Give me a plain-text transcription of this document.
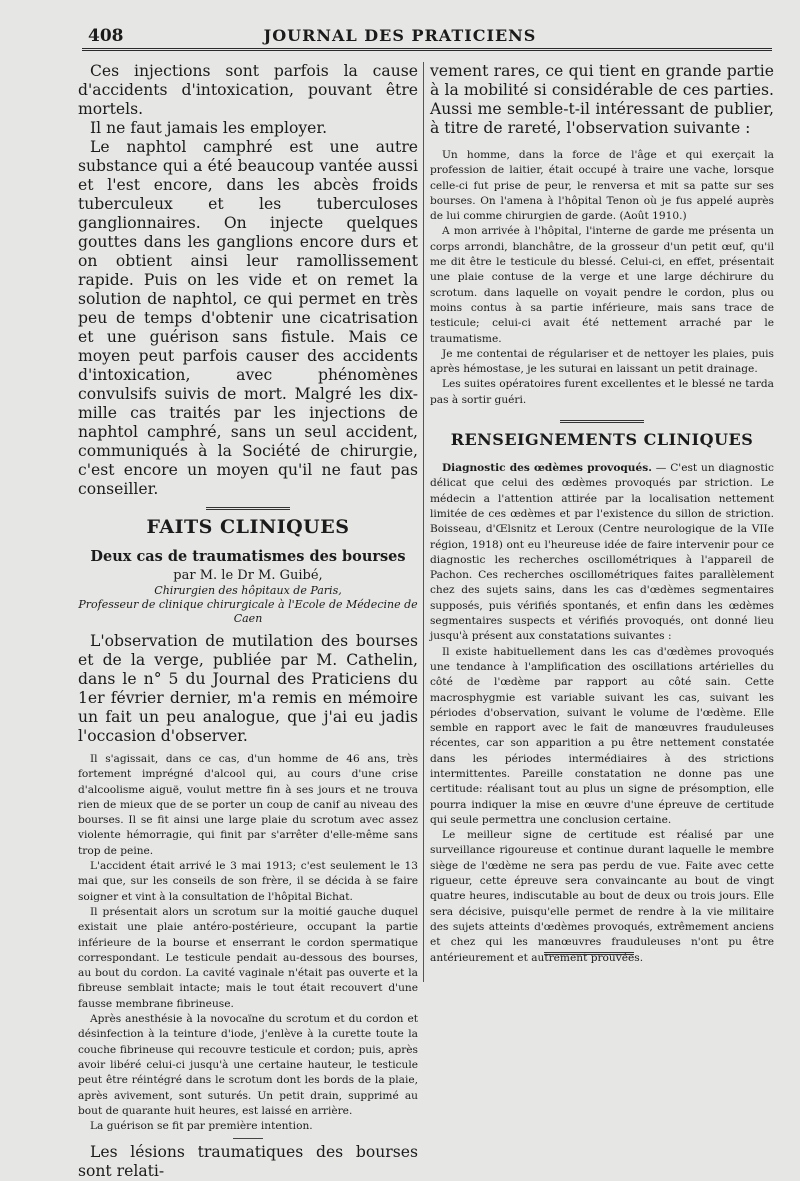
408	JOURNAL DES PRATICIENS

Ces injections sont parfois la cause d'accidents d'intoxication, pouvant être mortels.

Il ne faut jamais les employer.

Le naphtol camphré est une autre substance qui a été beaucoup vantée aussi et l'est encore, dans les abcès froids tuberculeux et les tuberculoses ganglionnaires. On injecte quelques gouttes dans les ganglions encore durs et on obtient ainsi leur ramollissement rapide. Puis on les vide et on remet la solution de naphtol, ce qui permet en très peu de temps d'obtenir une cicatrisation et une guérison sans fistule. Mais ce moyen peut parfois causer des accidents d'intoxication, avec phénomènes convulsifs suivis de mort. Malgré les dix-mille cas traités par les injections de naphtol camphré, sans un seul accident, communiqués à la Société de chirurgie, c'est encore un moyen qu'il ne faut pas conseiller.

FAITS CLINIQUES
Deux cas de traumatismes des bourses
par M. le Dr M. Guibé,
Chirurgien des hôpitaux de Paris,
Professeur de clinique chirurgicale à l'Ecole de Médecine de Caen

L'observation de mutilation des bourses et de la verge, publiée par M. Cathelin, dans le n° 5 du Journal des Praticiens du 1er février dernier, m'a remis en mémoire un fait un peu analogue, que j'ai eu jadis l'occasion d'observer.

Il s'agissait, dans ce cas, d'un homme de 46 ans, très fortement imprégné d'alcool qui, au cours d'une crise d'alcoolisme aiguë, voulut mettre fin à ses jours et ne trouva rien de mieux que de se porter un coup de canif au niveau des bourses. Il se fit ainsi une large plaie du scrotum avec assez violente hémorragie, qui finit par s'arrêter d'elle-même sans trop de peine.

L'accident était arrivé le 3 mai 1913; c'est seulement le 13 mai que, sur les conseils de son frère, il se décida à se faire soigner et vint à la consultation de l'hôpital Bichat.

Il présentait alors un scrotum sur la moitié gauche duquel existait une plaie antéro-postérieure, occupant la partie inférieure de la bourse et enserrant le cordon spermatique correspondant. Le testicule pendait au-dessous des bourses, au bout du cordon. La cavité vaginale n'était pas ouverte et la fibreuse semblait intacte; mais le tout était recouvert d'une fausse membrane fibrineuse.

Après anesthésie à la novocaïne du scrotum et du cordon et désinfection à la teinture d'iode, j'enlève à la curette toute la couche fibrineuse qui recouvre testicule et cordon; puis, après avoir libéré celui-ci jusqu'à une certaine hauteur, le testicule peut être réintégré dans le scrotum dont les bords de la plaie, après avivement, sont suturés. Un petit drain, supprimé au bout de quarante huit heures, est laissé en arrière.

La guérison se fit par première intention.

Les lésions traumatiques des bourses sont relati-

vement rares, ce qui tient en grande partie à la mobilité si considérable de ces parties. Aussi me semble-t-il intéressant de publier, à titre de rareté, l'observation suivante :

Un homme, dans la force de l'âge et qui exerçait la profession de laitier, était occupé à traire une vache, lorsque celle-ci fut prise de peur, le renversa et mit sa patte sur ses bourses. On l'amena à l'hôpital Tenon où je fus appelé auprès de lui comme chirurgien de garde. (Août 1910.)

A mon arrivée à l'hôpital, l'interne de garde me présenta un corps arrondi, blanchâtre, de la grosseur d'un petit œuf, qu'il me dit être le testicule du blessé. Celui-ci, en effet, présentait une plaie contuse de la verge et une large déchirure du scrotum. dans laquelle on voyait pendre le cordon, plus ou moins contus à sa partie inférieure, mais sans trace de testicule; celui-ci avait été nettement arraché par le traumatisme.

Je me contentai de régulariser et de nettoyer les plaies, puis après hémostase, je les suturai en laissant un petit drainage.

Les suites opératoires furent excellentes et le blessé ne tarda pas à sortir guéri.

RENSEIGNEMENTS CLINIQUES

Diagnostic des œdèmes provoqués. — C'est un diagnostic délicat que celui des œdèmes provoqués par striction. Le médecin a l'attention attirée par la localisation nettement limitée de ces œdèmes et par l'existence du sillon de striction. Boisseau, d'Œlsnitz et Leroux (Centre neurologique de la VIIe région, 1918) ont eu l'heureuse idée de faire intervenir pour ce diagnostic les recherches oscillométriques à l'appareil de Pachon. Ces recherches oscillométriques faites parallèlement chez des sujets sains, dans les cas d'œdèmes segmentaires supposés, puis vérifiés spontanés, et enfin dans les œdèmes segmentaires suspects et vérifiés provoqués, ont donné lieu jusqu'à présent aux constatations suivantes :

Il existe habituellement dans les cas d'œdèmes provoqués une tendance à l'amplification des oscillations artérielles du côté de l'œdème par rapport au côté sain. Cette macrosphygmie est variable suivant les cas, suivant les périodes d'observation, suivant le volume de l'œdème. Elle semble en rapport avec le fait de manœuvres frauduleuses récentes, car son apparition a pu être nettement constatée dans les périodes intermédiaires à des strictions intermittentes. Pareille constatation ne donne pas une certitude: réalisant tout au plus un signe de présomption, elle pourra indiquer la mise en œuvre d'une épreuve de certitude qui seule permettra une conclusion certaine.

Le meilleur signe de certitude est réalisé par une surveillance rigoureuse et continue durant laquelle le membre siège de l'œdème ne sera pas perdu de vue. Faite avec cette rigueur, cette épreuve sera convaincante au bout de vingt quatre heures, indiscutable au bout de deux ou trois jours. Elle sera décisive, puisqu'elle permet de rendre à la vie militaire des sujets atteints d'œdèmes provoqués, extrêmement anciens et chez qui les manœuvres frauduleuses n'ont pu être antérieurement et autrement prouvées.
